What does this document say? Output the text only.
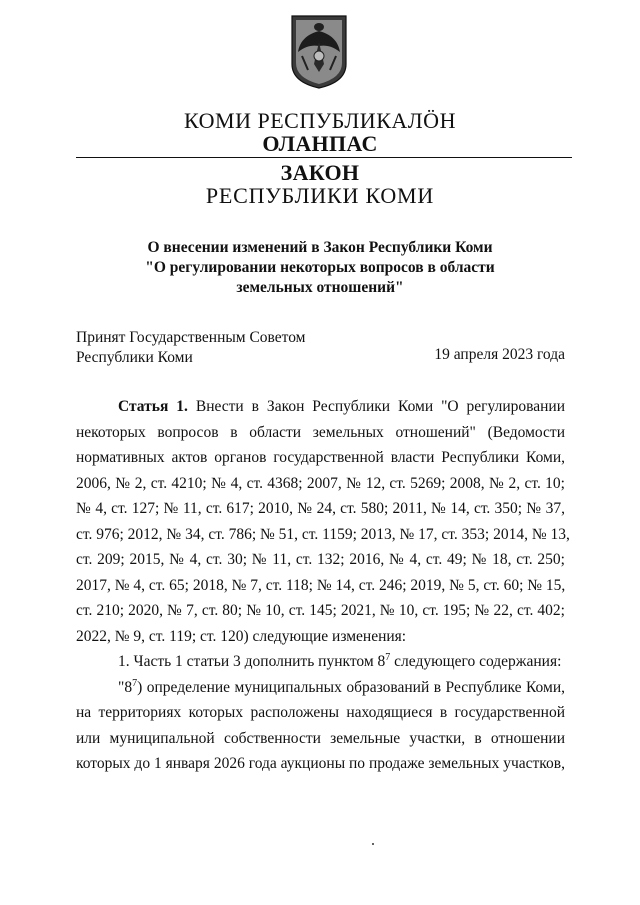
КОМИ РЕСПУБЛИКАЛӦН
ОЛАНПАС
ЗАКОН
РЕСПУБЛИКИ КОМИ
О внесении изменений в Закон Республики Коми
"О регулировании некоторых вопросов в области
земельных отношений"
Принят Государственным Советом
Республики Коми	19 апреля 2023 года
Статья 1. Внести в Закон Республики Коми "О регулировании
некоторых вопросов в области земельных отношений" (Ведомости
нормативных актов органов государственной власти Республики Коми,
2006, № 2, ст. 4210; № 4, ст. 4368; 2007, № 12, ст. 5269; 2008, № 2, ст. 10;
№ 4, ст. 127; № 11, ст. 617; 2010, № 24, ст. 580; 2011, № 14, ст. 350; № 37,
ст. 976; 2012, № 34, ст. 786; № 51, ст. 1159; 2013, № 17, ст. 353; 2014, № 13,
ст. 209; 2015, № 4, ст. 30; № 11, ст. 132; 2016, № 4, ст. 49; № 18, ст. 250;
2017, № 4, ст. 65; 2018, № 7, ст. 118; № 14, ст. 246; 2019, № 5, ст. 60; № 15,
ст. 210; 2020, № 7, ст. 80; № 10, ст. 145; 2021, № 10, ст. 195; № 22, ст. 402;
2022, № 9, ст. 119; ст. 120) следующие изменения:
1. Часть 1 статьи 3 дополнить пунктом $8^7$ следующего содержания:
"$8^7$) определение муниципальных образований в Республике Коми,
на территориях которых расположены находящиеся в государственной
или муниципальной собственности земельные участки, в отношении
которых до 1 января 2026 года аукционы по продаже земельных участков,
